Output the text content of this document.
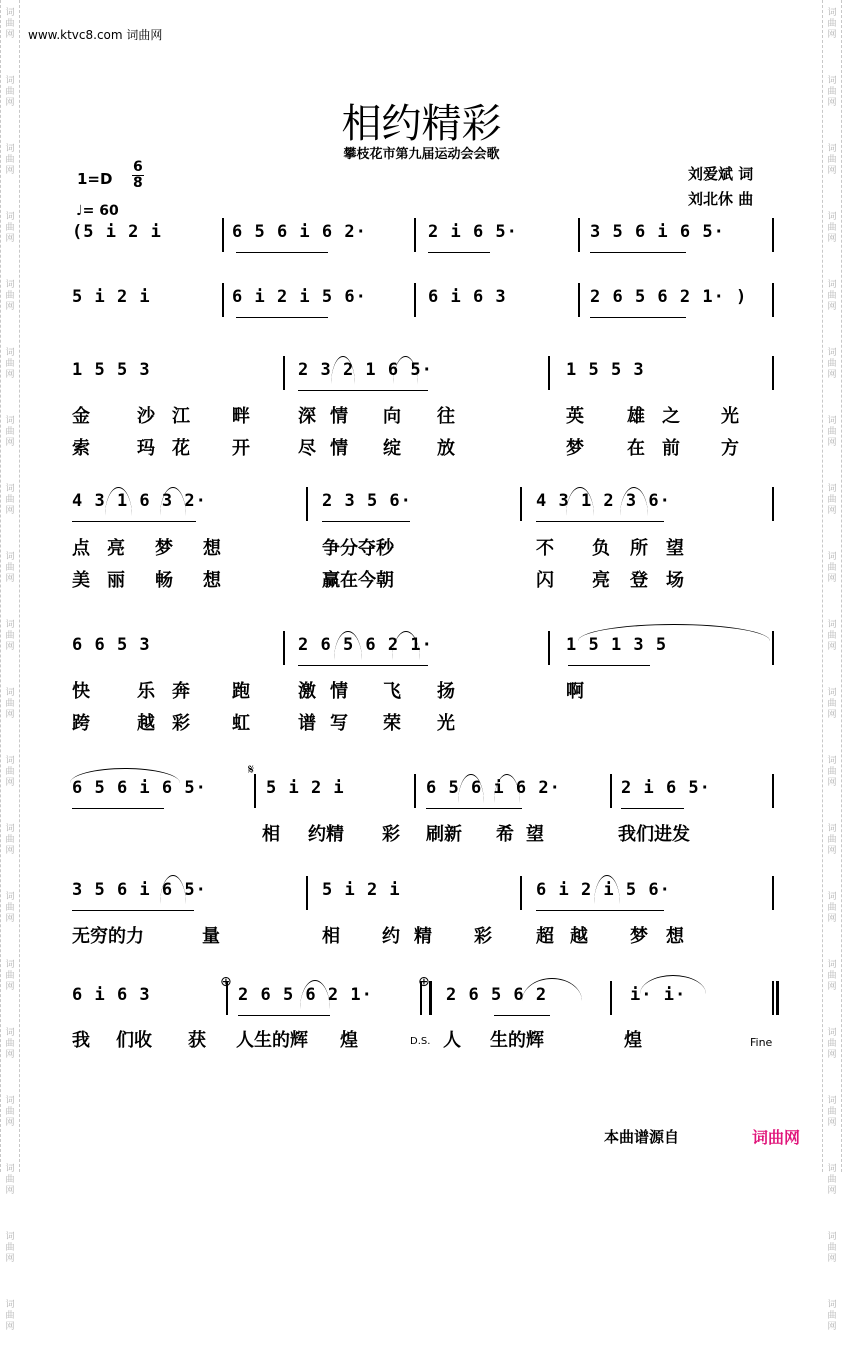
词
曲
网
词
曲
网
词
曲
网
词
曲
网
词
曲
网
词
曲
网
词
曲
网
词
曲
网
词
曲
网
词
曲
网
词
曲
网
词
曲
网
词
曲
网
词
曲
网
词
曲
网
词
曲
网
词
曲
网
词
曲
网
词
曲
网
词
曲
网
词
曲
网
词
曲
网
词
曲
网
词
曲
网
词
曲
网
词
曲
网
词
曲
网
词
曲
网
词
曲
网
词
曲
网
词
曲
网
词
曲
网
词
曲
网
词
曲
网
词
曲
网
词
曲
网
词
曲
网
词
曲
网
词
曲
网
词
曲
网
www.ktvc8.com 词曲网
相约精彩
攀枝花市第九届运动会会歌
1=D
6
8
♩= 60
刘爱斌 词
刘北休 曲
(5 i 2 i	6 5 6 i 6 2·	2 i 6 5·	3 5 6 i 6 5·
5 i 2 i	6 i 2 i 5 6·	6 i 6 3	2 6 5 6 2 1· )
1 5 5 3	2 3 2 1 6 5·	1 5 5 3
金	沙 江 畔	深 情 向 往	英 雄 之 光
索	玛 花 开	尽 情 绽 放	梦 在 前 方
4 3 1 6 3 2·	2 3 5 6·	4 3 1 2 3 6·
点 亮 梦 想	争分夺秒	不 负 所 望
美 丽 畅 想	赢在今朝	闪 亮 登 场
6 6 5 3	2 6 5 6 2 1·	1 5 1 3 5
快	乐 奔 跑	激 情 飞 扬	啊
跨	越 彩 虹	谱 写 荣 光
6 5 6 i 6 5·	5 i 2 i	6 5 6 i 6 2·	2 i 6 5·
相 约精 彩 刷新 希 望	我们进发
3 5 6 i 6 5·	5 i 2 i	6 i 2 i 5 6·
无穷的力	量	相 约 精 彩 超 越 梦 想
6 i 6 3	2 6 5 6 2 1·	2 6 5 6 2	i· i·
我 们收 获 人生的辉 煌	人 生的辉	煌
𝄋
⊕	⊕
D.S.	Fine
本曲谱源自	词曲网
